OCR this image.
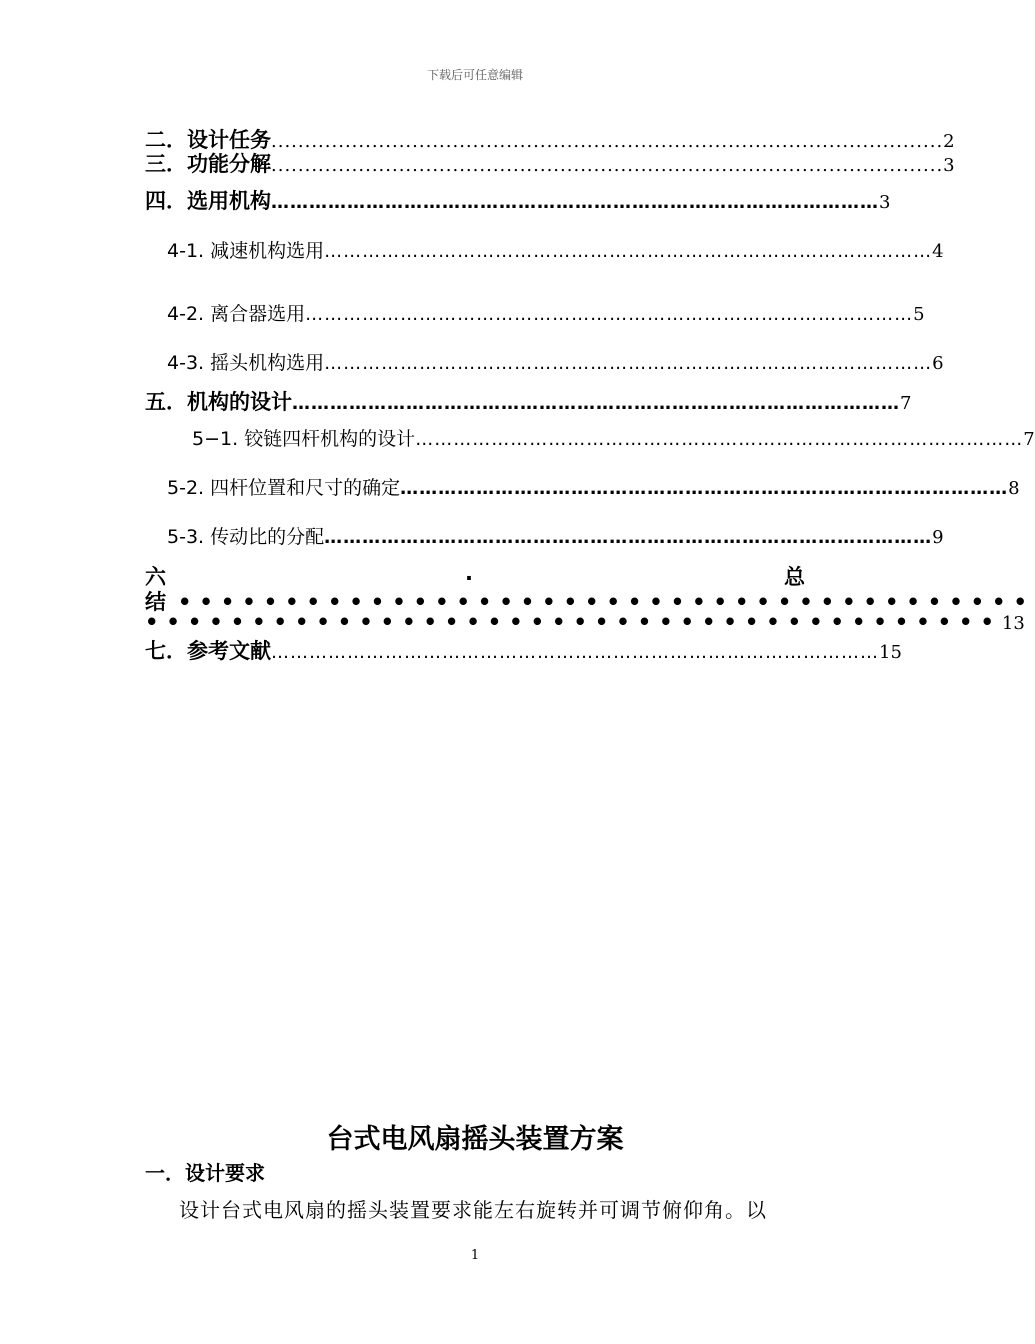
下载后可任意编辑
二．设计任务 .................................................................................................... 2
三．功能分解 .................................................................................................... 3
四．选用机构 …………………………………………………………………………………… 3
4-1. 减速机构选用 …………………………………………………………………………………… 4
4-2. 离合器选用 …………………………………………………………………………………… 5
4-3. 摇头机构选用 …………………………………………………………………………………… 6
五．机构的设计 …………………………………………………………………………………… 7
5−1. 铰链四杆机构的设计 …………………………………………………………………………………… 7
5-2. 四杆位置和尺寸的确定 …………………………………………………………………………………… 8
5-3. 传动比的分配 …………………………………………………………………………………… 9
六	.	总
结 ••••••••••••••••••••••••••••••••••••••••
•••••••••••••••••••••••••••••••••••••••• 13
七．参考文献 …………………………………………………………………………………… 15
台式电风扇摇头装置方案
一．设计要求
设计台式电风扇的摇头装置要求能左右旋转并可调节俯仰角。以
1
